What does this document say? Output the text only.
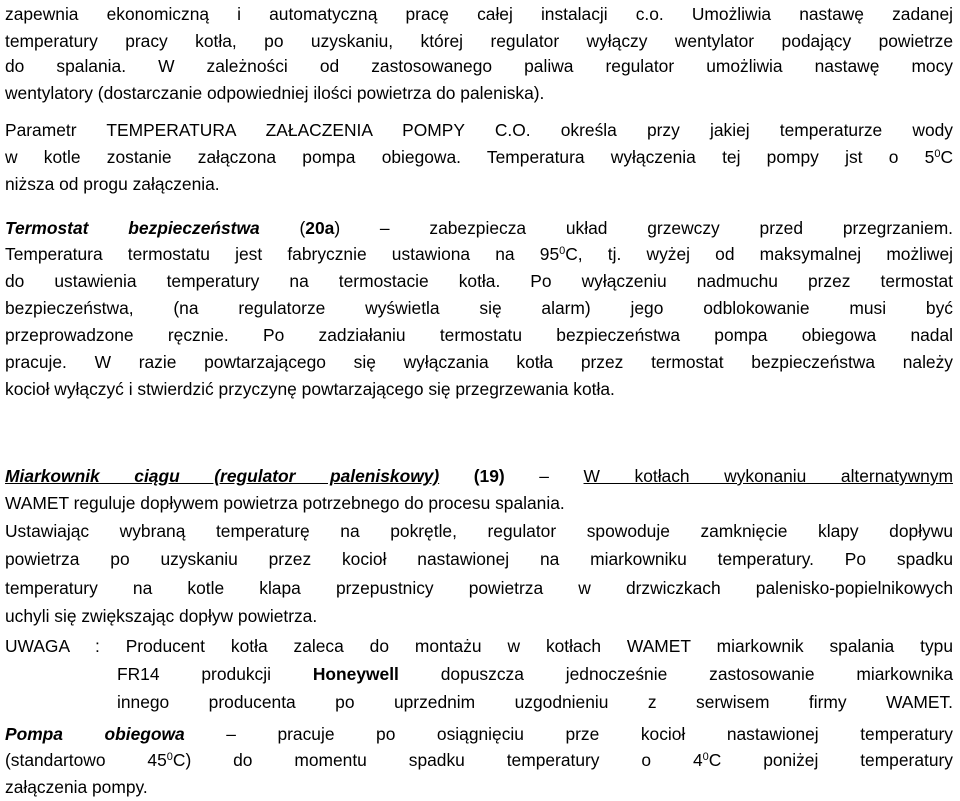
zapewnia ekonomiczną i automatyczną pracę całej instalacji c.o. Umożliwia nastawę zadanej
temperatury pracy kotła, po uzyskaniu, której regulator wyłączy wentylator podający powietrze
do spalania. W zależności od zastosowanego paliwa regulator umożliwia nastawę mocy
wentylatory (dostarczanie odpowiedniej ilości powietrza do paleniska).
Parametr TEMPERATURA ZAŁACZENIA POMPY C.O. określa przy jakiej temperaturze wody
w kotle zostanie załączona pompa obiegowa. Temperatura wyłączenia tej pompy jst o $5^0C$
niższa od progu załączenia.
Termostat bezpieczeństwa (20a) – zabezpiecza układ grzewczy przed przegrzaniem.
Temperatura termostatu jest fabrycznie ustawiona na $95^0C$, tj. wyżej od maksymalnej możliwej
do ustawienia temperatury na termostacie kotła. Po wyłączeniu nadmuchu przez termostat
bezpieczeństwa, (na regulatorze wyświetla się alarm) jego odblokowanie musi być
przeprowadzone ręcznie. Po zadziałaniu termostatu bezpieczeństwa pompa obiegowa nadal
pracuje. W razie powtarzającego się wyłączania kotła przez termostat bezpieczeństwa należy
kocioł wyłączyć i stwierdzić przyczynę powtarzającego się przegrzewania kotła.
Miarkownik ciągu (regulator paleniskowy) (19) – W kotłach wykonaniu alternatywnym
WAMET reguluje dopływem powietrza potrzebnego do procesu spalania.
Ustawiając wybraną temperaturę na pokrętle, regulator spowoduje zamknięcie klapy dopływu
powietrza po uzyskaniu przez kocioł nastawionej na miarkowniku temperatury. Po spadku
temperatury na kotle klapa przepustnicy powietrza w drzwiczkach palenisko-popielnikowych
uchyli się zwiększając dopływ powietrza.
UWAGA : Producent kotła zaleca do montażu w kotłach WAMET miarkownik spalania typu
FR14 produkcji Honeywell dopuszcza jednocześnie zastosowanie miarkownika
innego producenta po uprzednim uzgodnieniu z serwisem firmy WAMET.
Pompa obiegowa – pracuje po osiągnięciu prze kocioł nastawionej temperatury
(standartowo $45^0C$) do momentu spadku temperatury o $4^0C$ poniżej temperatury
załączenia pompy.
